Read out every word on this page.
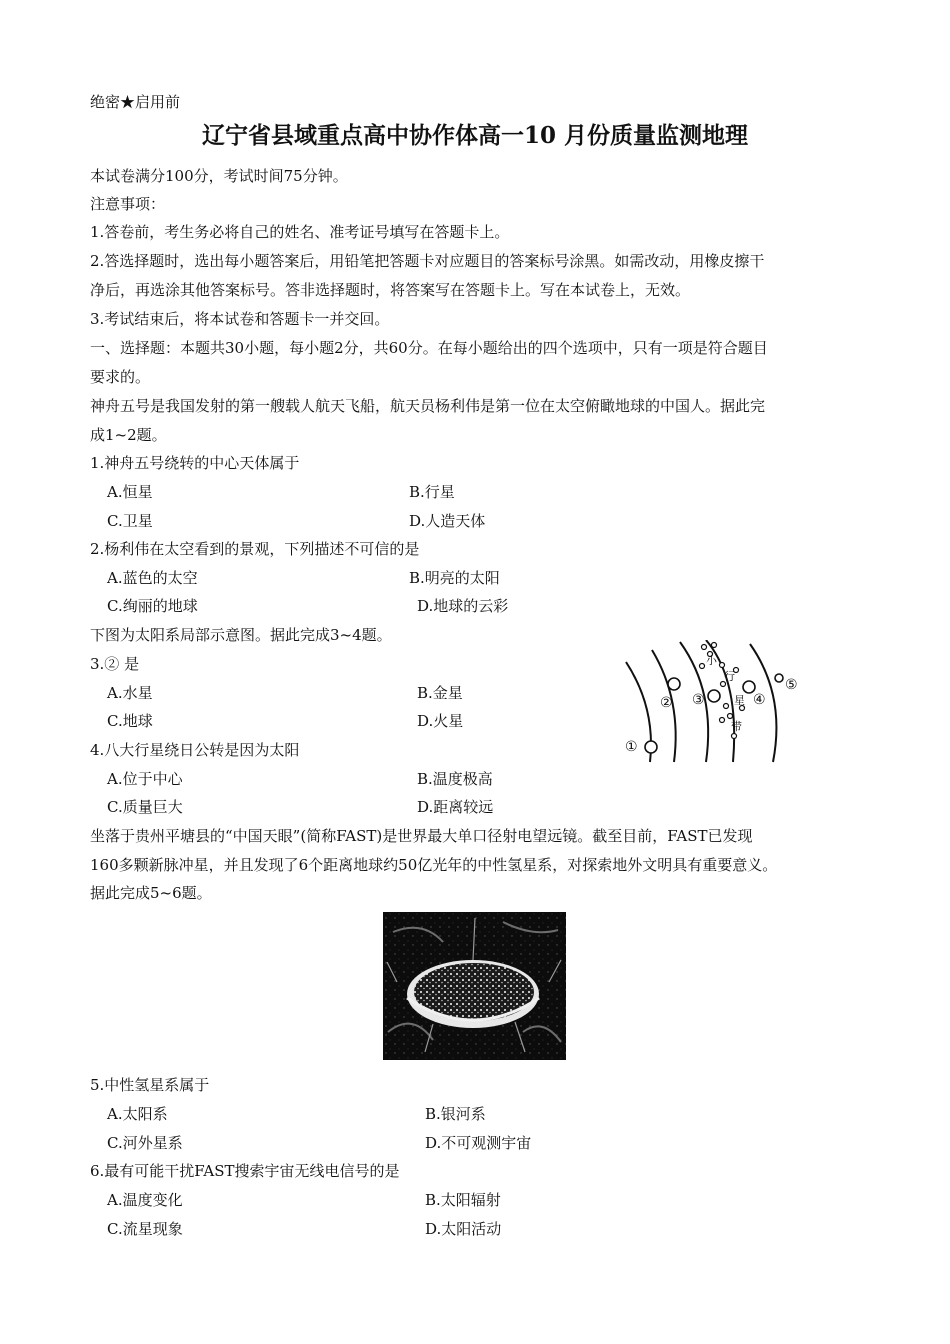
绝密★启用前
辽宁省县域重点高中协作体高一10 月份质量监测地理
本试卷满分100分，考试时间75分钟。
注意事项：
1.答卷前，考生务必将自己的姓名、准考证号填写在答题卡上。
2.答选择题时，选出每小题答案后，用铅笔把答题卡对应题目的答案标号涂黑。如需改动，用橡皮擦干
净后，再选涂其他答案标号。答非选择题时，将答案写在答题卡上。写在本试卷上，无效。
3.考试结束后，将本试卷和答题卡一并交回。
一、选择题：本题共30小题，每小题2分，共60分。在每小题给出的四个选项中，只有一项是符合题目
要求的。
神舟五号是我国发射的第一艘载人航天飞船，航天员杨利伟是第一位在太空俯瞰地球的中国人。据此完
成1~2题。
1.神舟五号绕转的中心天体属于
A.恒星	B.行星
C.卫星	D.人造天体
2.杨利伟在太空看到的景观，下列描述不可信的是
A.蓝色的太空	B.明亮的太阳
C.绚丽的地球	D.地球的云彩
下图为太阳系局部示意图。据此完成3~4题。
3.② 是
A.水星	B.金星
C.地球	D.火星
4.八大行星绕日公转是因为太阳
A.位于中心	B.温度极高
C.质量巨大	D.距离较远
小
行
星
带
①
② ③	④
⑤
坐落于贵州平塘县的“中国天眼”(简称FAST)是世界最大单口径射电望远镜。截至目前，FAST已发现
160多颗新脉冲星，并且发现了6个距离地球约50亿光年的中性氢星系，对探索地外文明具有重要意义。
据此完成5~6题。
5.中性氢星系属于
A.太阳系	B.银河系
C.河外星系	D.不可观测宇宙
6.最有可能干扰FAST搜索宇宙无线电信号的是
A.温度变化	B.太阳辐射
C.流星现象	D.太阳活动
